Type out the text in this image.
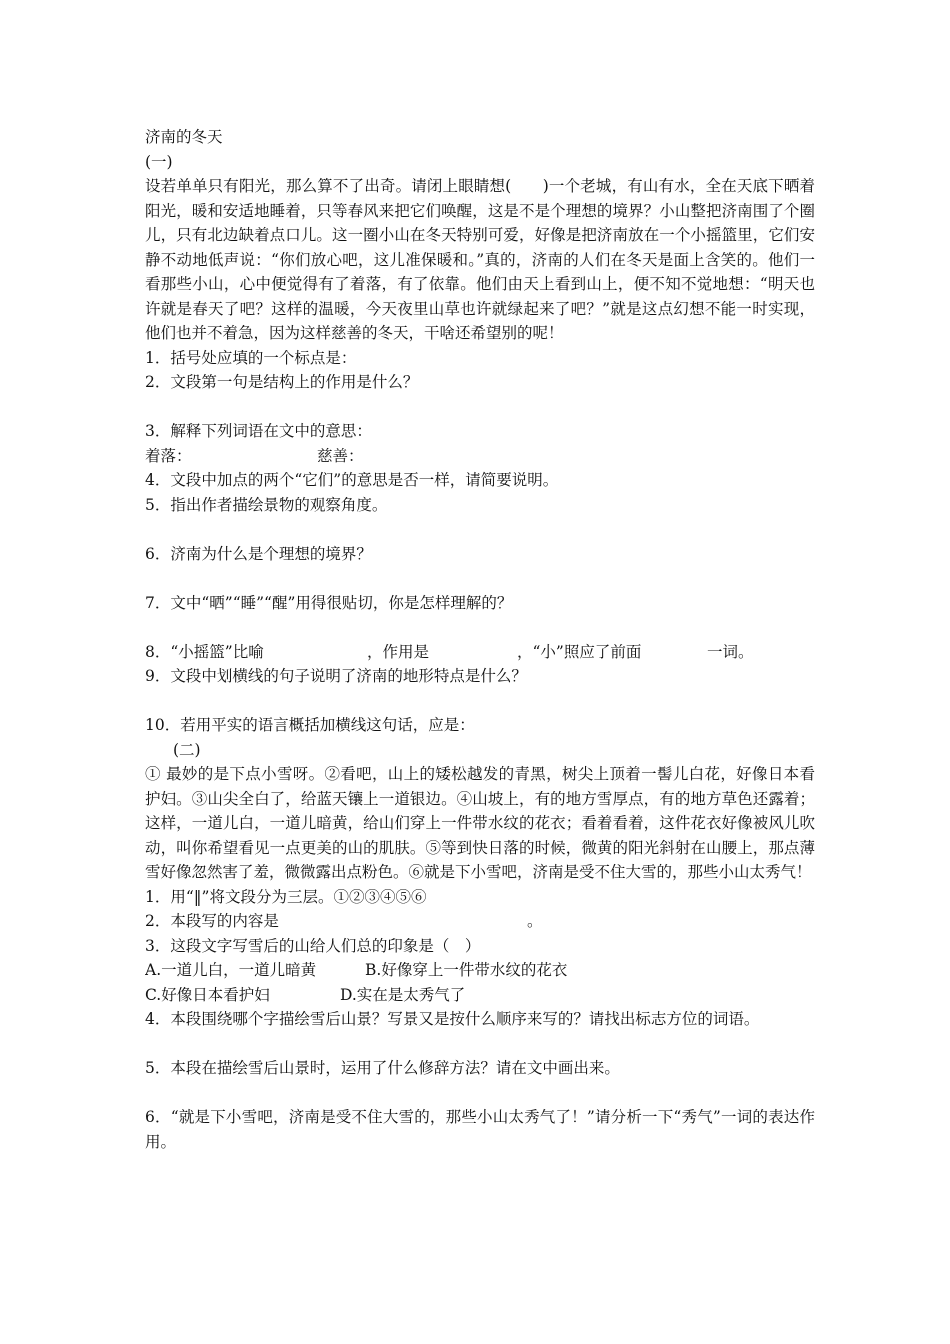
济南的冬天
(一)
设若单单只有阳光，那么算不了出奇。请闭上眼睛想(　　)一个老城，有山有水，全在天底下晒着阳光，暖和安适地睡着，只等春风来把它们唤醒，这是不是个理想的境界？小山整把济南围了个圈儿，只有北边缺着点口儿。这一圈小山在冬天特别可爱，好像是把济南放在一个小摇篮里，它们安静不动地低声说：“你们放心吧，这儿准保暖和。”真的，济南的人们在冬天是面上含笑的。他们一看那些小山，心中便觉得有了着落，有了依靠。他们由天上看到山上，便不知不觉地想：“明天也许就是春天了吧？这样的温暖，今天夜里山草也许就绿起来了吧？”就是这点幻想不能一时实现，他们也并不着急，因为这样慈善的冬天，干啥还希望别的呢！
1．括号处应填的一个标点是：
2．文段第一句是结构上的作用是什么？
3．解释下列词语在文中的意思：
着落：	慈善：
4．文段中加点的两个“它们”的意思是否一样，请简要说明。
5．指出作者描绘景物的观察角度。
6．济南为什么是个理想的境界？
7．文中“晒”“睡”“醒”用得很贴切，你是怎样理解的？
8．“小摇篮”比喻	，作用是	，“小”照应了前面	一词。
9．文段中划横线的句子说明了济南的地形特点是什么？
10．若用平实的语言概括加横线这句话，应是：
(二)
① 最妙的是下点小雪呀。②看吧，山上的矮松越发的青黑，树尖上顶着一髻儿白花，好像日本看护妇。③山尖全白了，给蓝天镶上一道银边。④山坡上，有的地方雪厚点，有的地方草色还露着；这样，一道儿白，一道儿暗黄，给山们穿上一件带水纹的花衣；看着看着，这件花衣好像被风儿吹动，叫你希望看见一点更美的山的肌肤。⑤等到快日落的时候，微黄的阳光斜射在山腰上，那点薄雪好像忽然害了羞，微微露出点粉色。⑥就是下小雪吧，济南是受不住大雪的，那些小山太秀气！
1．用“‖”将文段分为三层。①②③④⑤⑥
2．本段写的内容是	。
3．这段文字写雪后的山给人们总的印象是（　）
A.一道儿白，一道儿暗黄	B.好像穿上一件带水纹的花衣
C.好像日本看护妇	D.实在是太秀气了
4．本段围绕哪个字描绘雪后山景？写景又是按什么顺序来写的？请找出标志方位的词语。
5．本段在描绘雪后山景时，运用了什么修辞方法？请在文中画出来。
6．“就是下小雪吧，济南是受不住大雪的，那些小山太秀气了！”请分析一下“秀气”一词的表达作用。
